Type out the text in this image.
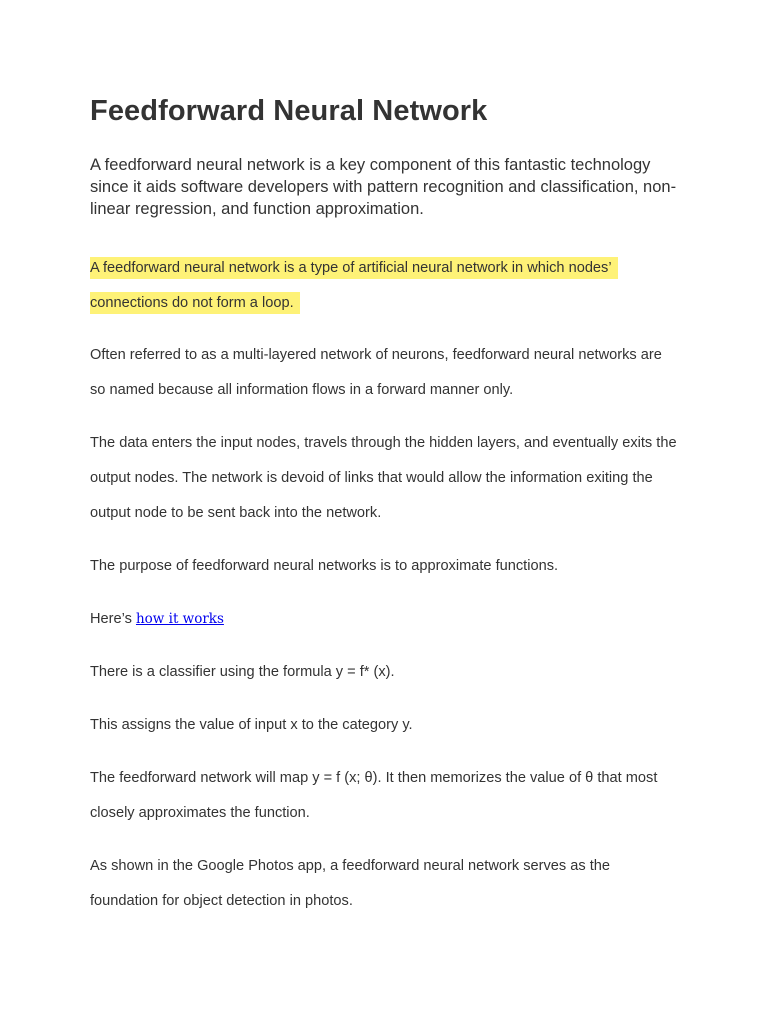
Feedforward Neural Network

A feedforward neural network is a key component of this fantastic technology since it aids software developers with pattern recognition and classification, non-linear regression, and function approximation.

A feedforward neural network is a type of artificial neural network in which nodes’ connections do not form a loop.

Often referred to as a multi-layered network of neurons, feedforward neural networks are so named because all information flows in a forward manner only.

The data enters the input nodes, travels through the hidden layers, and eventually exits the output nodes. The network is devoid of links that would allow the information exiting the output node to be sent back into the network.

The purpose of feedforward neural networks is to approximate functions.

Here’s how it works

There is a classifier using the formula y = f* (x).

This assigns the value of input x to the category y.

The feedforward network will map y = f (x; θ). It then memorizes the value of θ that most closely approximates the function.

As shown in the Google Photos app, a feedforward neural network serves as the foundation for object detection in photos.
